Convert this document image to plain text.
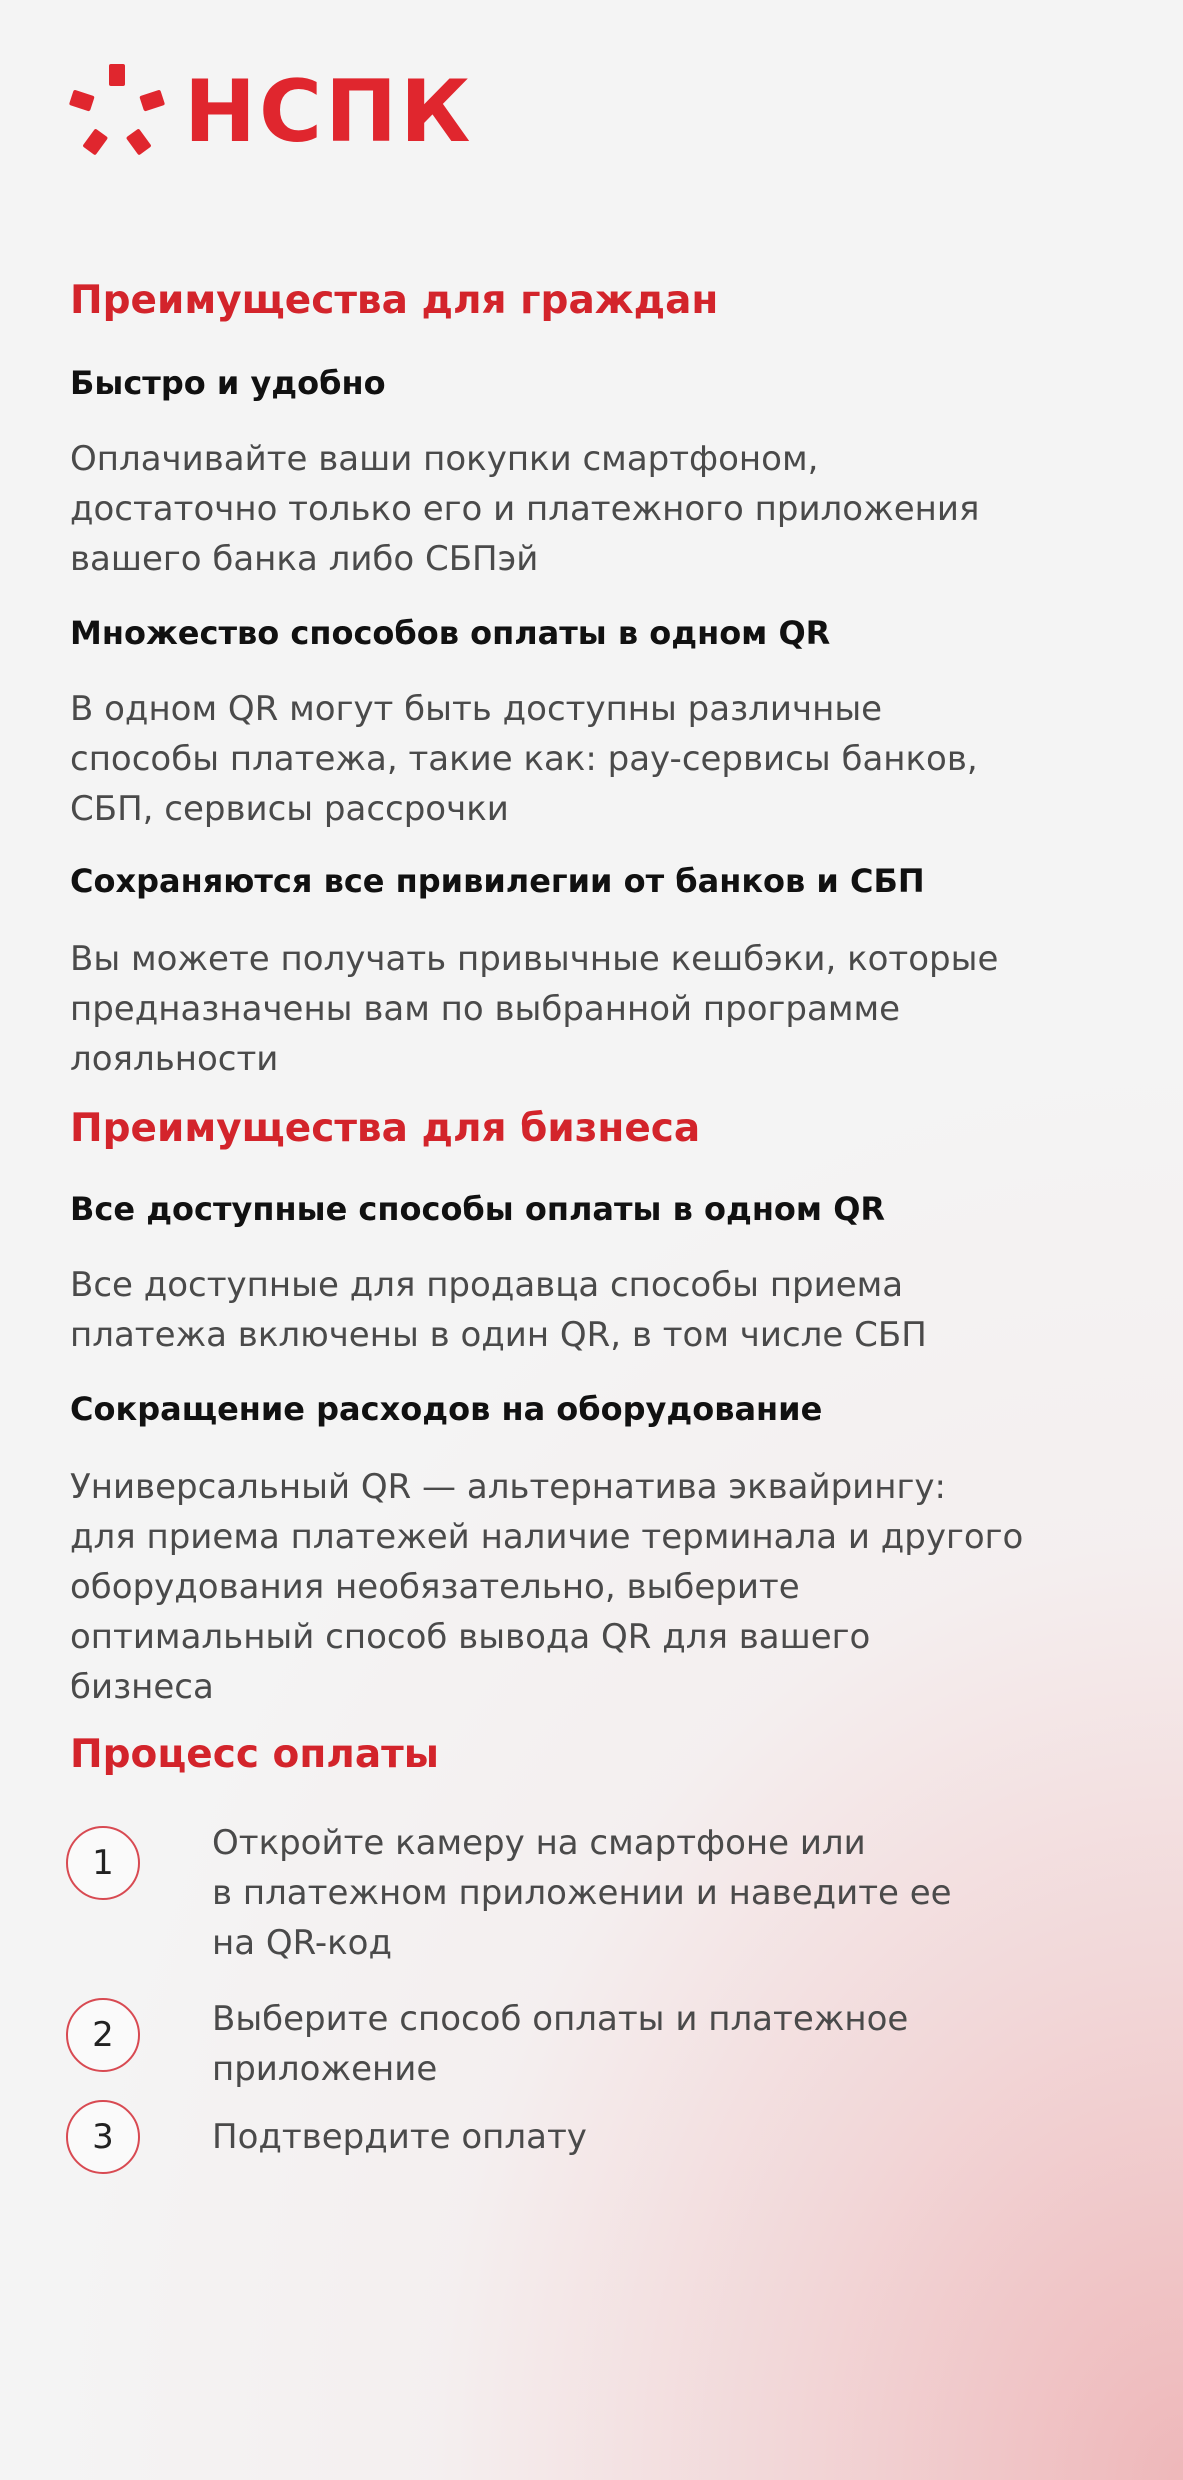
НСПК
Преимущества для граждан
Быстро и удобно

Оплачивайте ваши покупки смартфоном,
достаточно только его и платежного приложения
вашего банка либо СБПэй

Множество способов оплаты в одном QR

В одном QR могут быть доступны различные
способы платежа, такие как: pay-сервисы банков,
СБП, сервисы рассрочки

Сохраняются все привилегии от банков и СБП

Вы можете получать привычные кешбэки, которые
предназначены вам по выбранной программе
лояльности

Преимущества для бизнеса
Все доступные способы оплаты в одном QR

Все доступные для продавца способы приема
платежа включены в один QR, в том числе СБП

Сокращение расходов на оборудование

Универсальный QR — альтернатива эквайрингу:
для приема платежей наличие терминала и другого
оборудования необязательно, выберите
оптимальный способ вывода QR для вашего
бизнеса

Процесс оплаты
1	Откройте камеру на смартфоне или
в платежном приложении и наведите ее
на QR-код
2	Выберите способ оплаты и платежное
приложение
3	Подтвердите оплату
